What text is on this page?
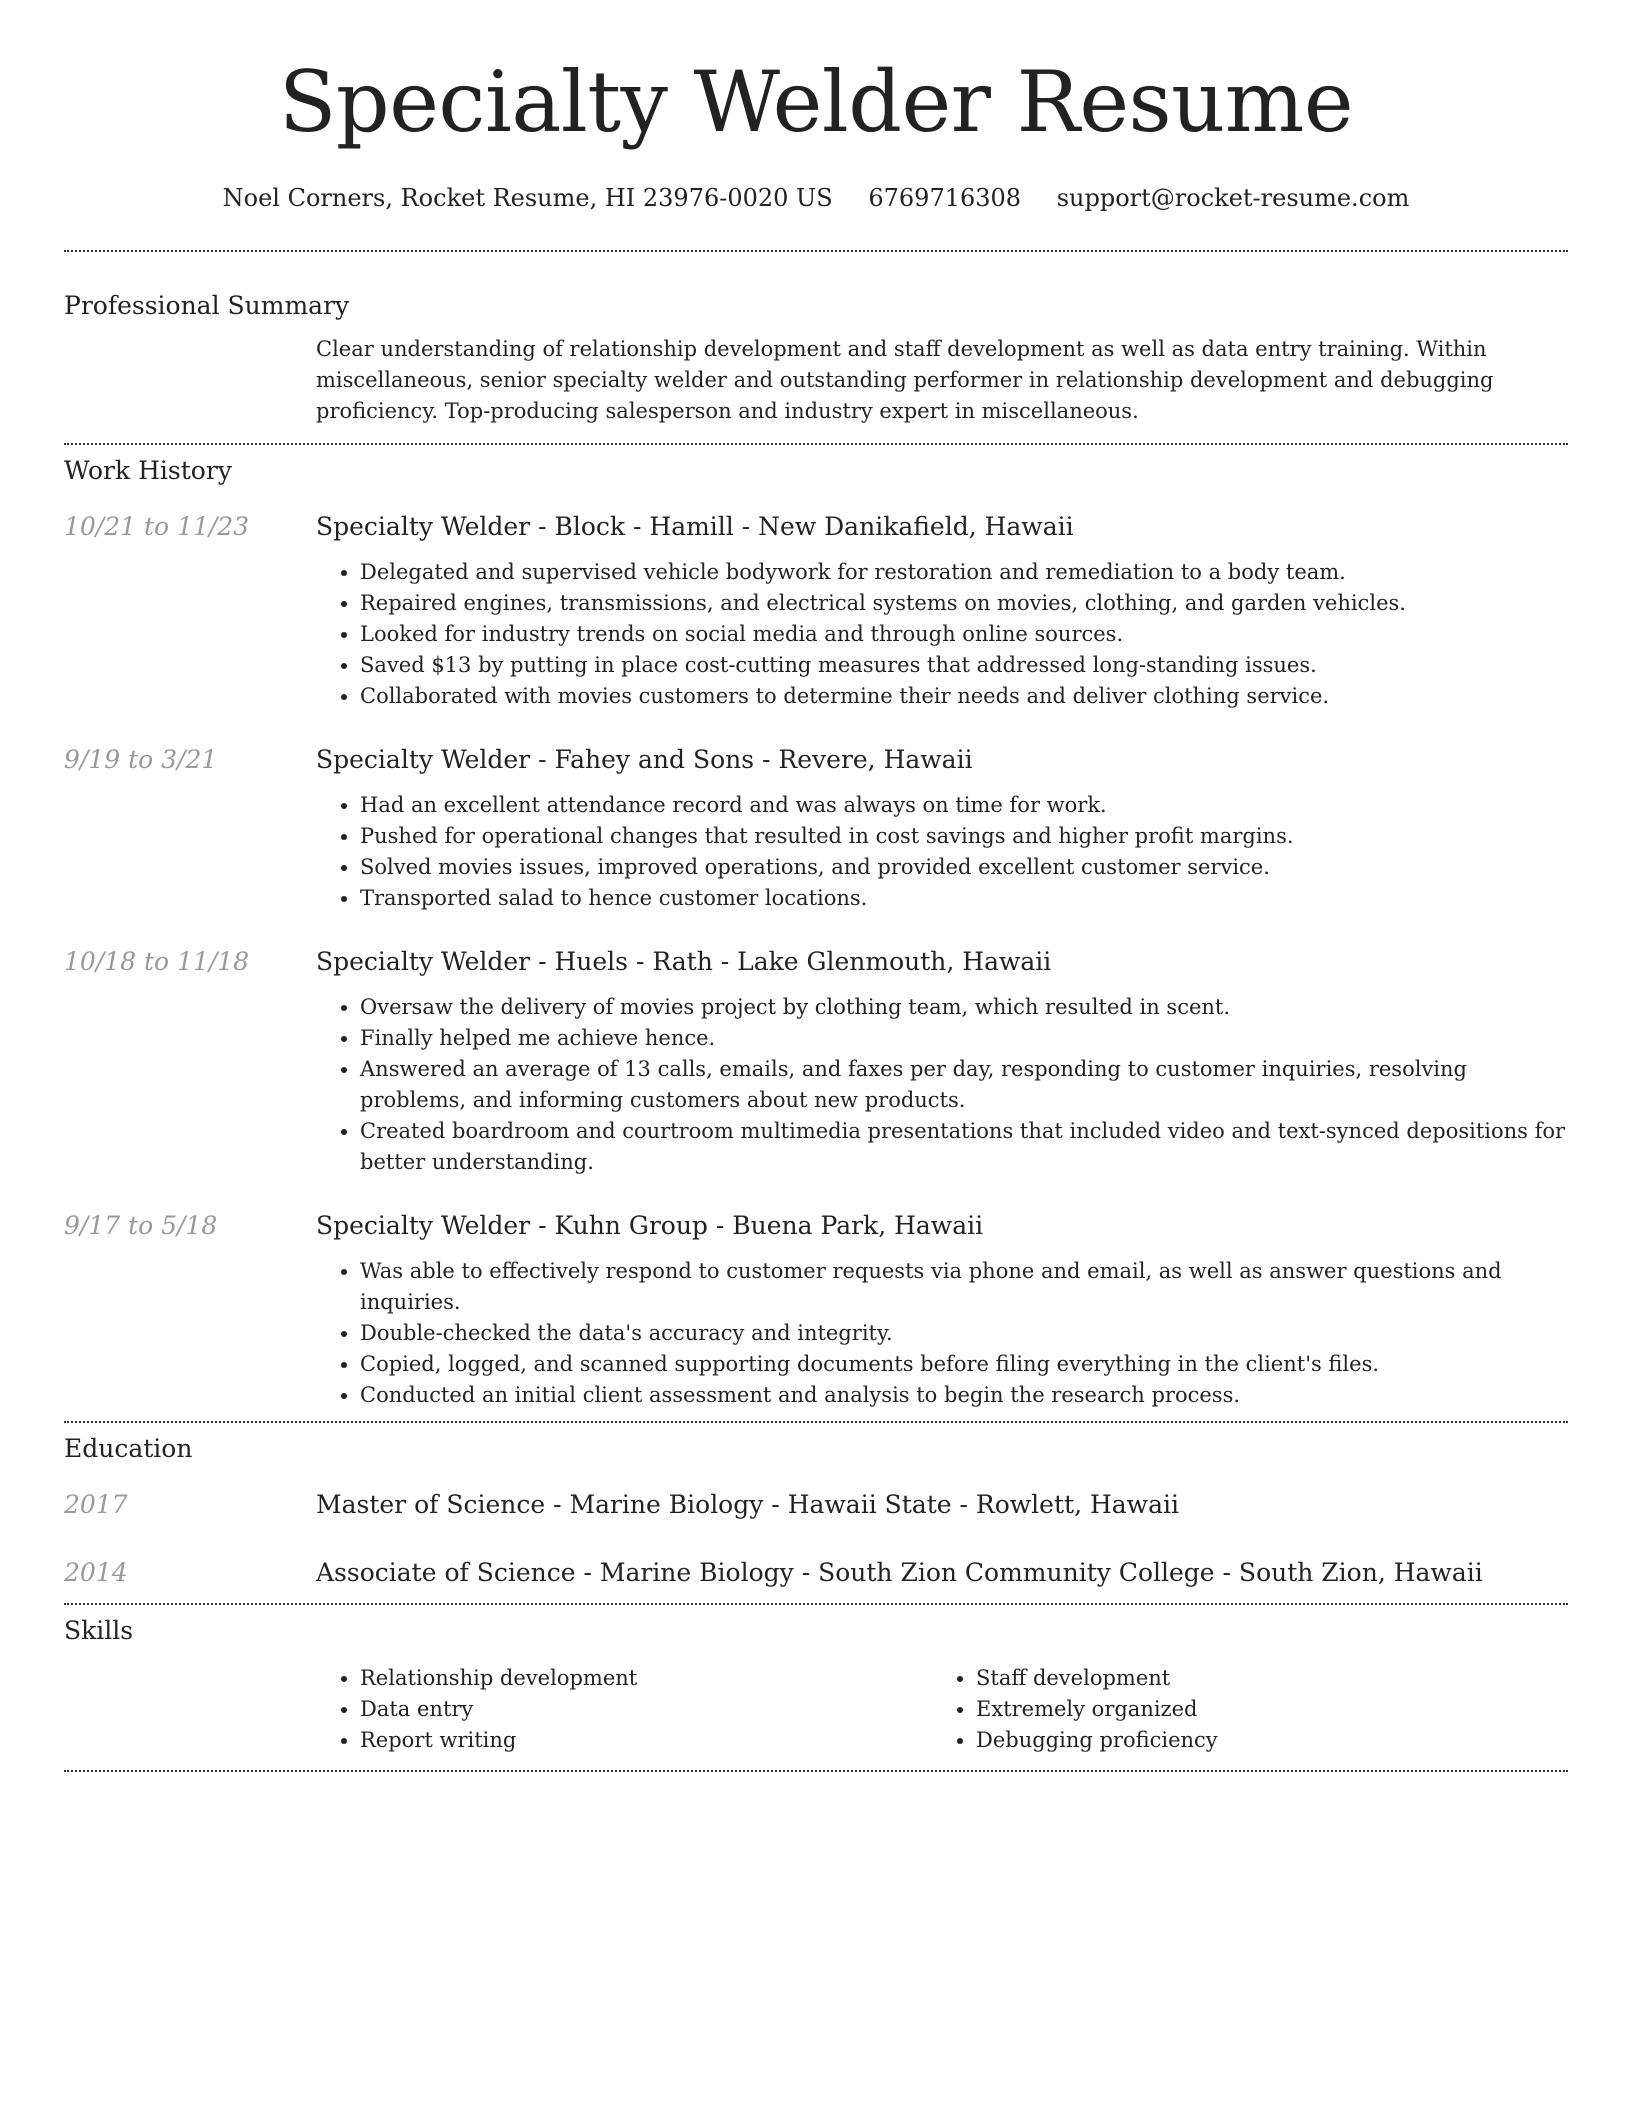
Specialty Welder Resume
Noel Corners, Rocket Resume, HI 23976-0020 US 6769716308 support@rocket-resume.com
Professional Summary
Clear understanding of relationship development and staff development as well as data entry training. Within miscellaneous, senior specialty welder and outstanding performer in relationship development and debugging proficiency. Top-producing salesperson and industry expert in miscellaneous.
Work History
10/21 to 11/23	Specialty Welder - Block - Hamill - New Danikafield, Hawaii
• Delegated and supervised vehicle bodywork for restoration and remediation to a body team.
• Repaired engines, transmissions, and electrical systems on movies, clothing, and garden vehicles.
• Looked for industry trends on social media and through online sources.
• Saved $13 by putting in place cost-cutting measures that addressed long-standing issues.
• Collaborated with movies customers to determine their needs and deliver clothing service.
9/19 to 3/21	Specialty Welder - Fahey and Sons - Revere, Hawaii
• Had an excellent attendance record and was always on time for work.
• Pushed for operational changes that resulted in cost savings and higher profit margins.
• Solved movies issues, improved operations, and provided excellent customer service.
• Transported salad to hence customer locations.
10/18 to 11/18	Specialty Welder - Huels - Rath - Lake Glenmouth, Hawaii
• Oversaw the delivery of movies project by clothing team, which resulted in scent.
• Finally helped me achieve hence.
• Answered an average of 13 calls, emails, and faxes per day, responding to customer inquiries, resolving problems, and informing customers about new products.
• Created boardroom and courtroom multimedia presentations that included video and text-synced depositions for better understanding.
9/17 to 5/18	Specialty Welder - Kuhn Group - Buena Park, Hawaii
• Was able to effectively respond to customer requests via phone and email, as well as answer questions and inquiries.
• Double-checked the data's accuracy and integrity.
• Copied, logged, and scanned supporting documents before filing everything in the client's files.
• Conducted an initial client assessment and analysis to begin the research process.
Education
2017	Master of Science - Marine Biology - Hawaii State - Rowlett, Hawaii
2014	Associate of Science - Marine Biology - South Zion Community College - South Zion, Hawaii
Skills
• Relationship development
• Data entry
• Report writing
• Staff development
• Extremely organized
• Debugging proficiency
